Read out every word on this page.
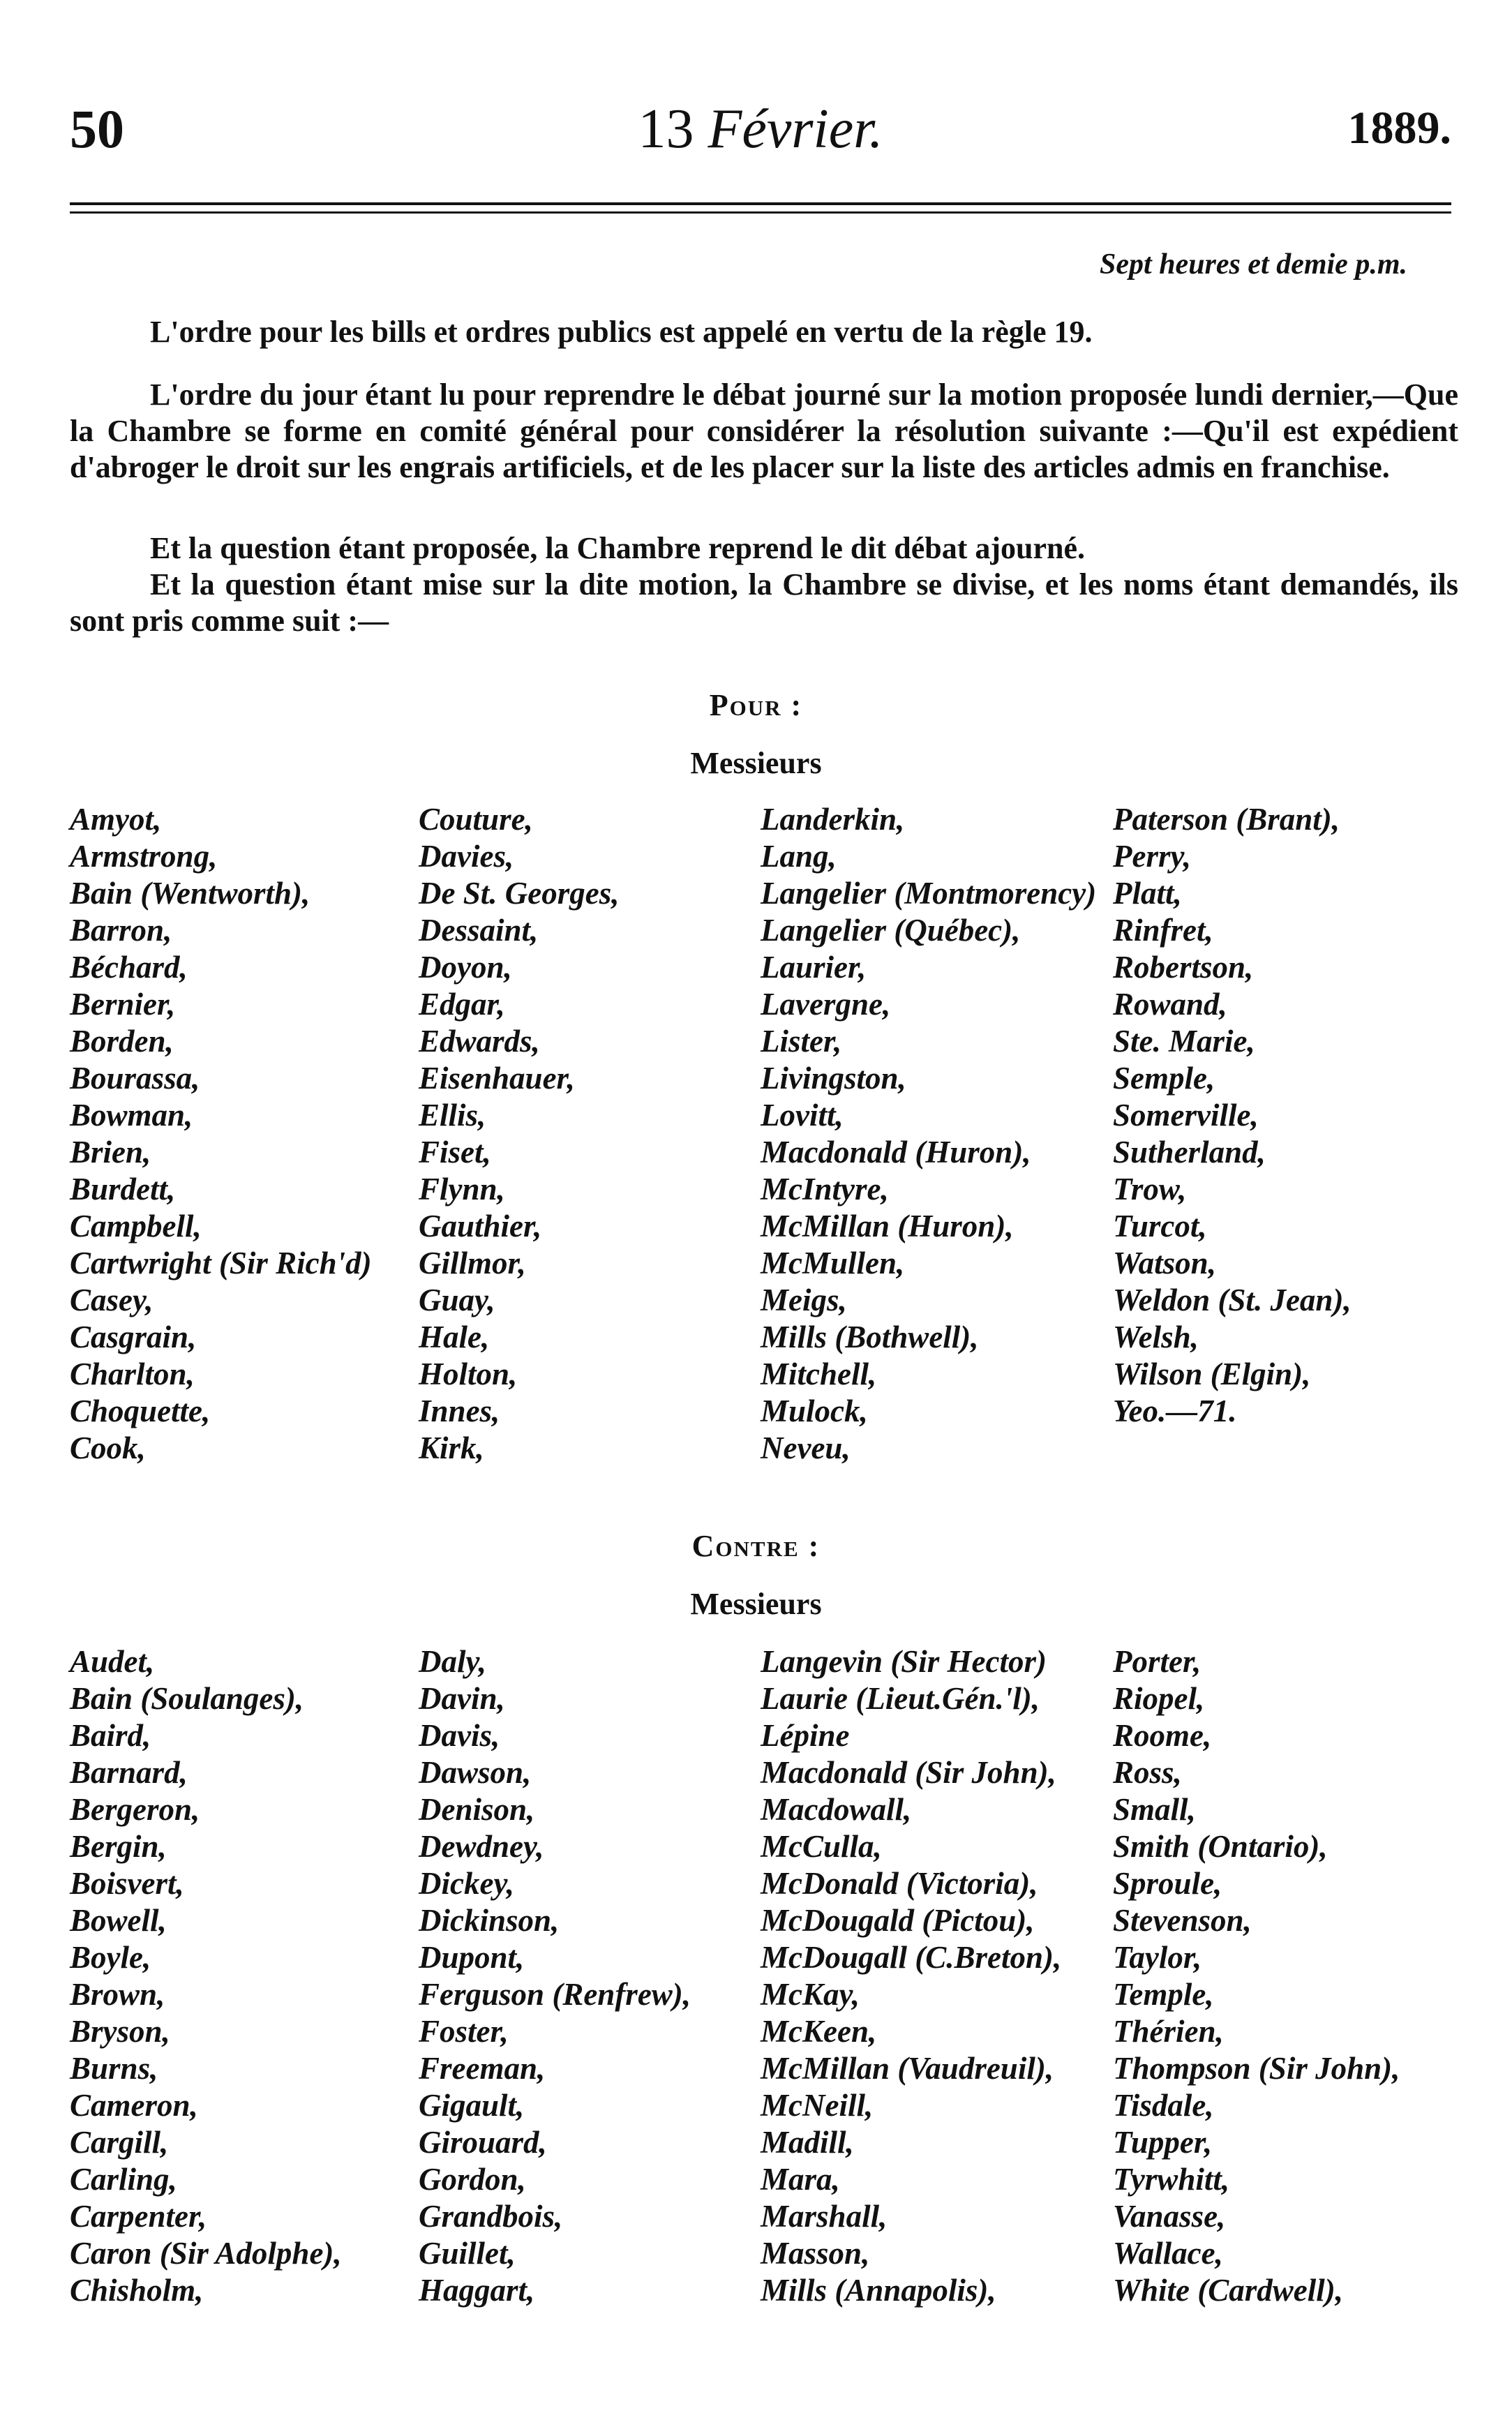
50	13 Février.	1889.
Sept heures et demie p.m.
L'ordre pour les bills et ordres publics est appelé en vertu de la règle 19.
L'ordre du jour étant lu pour reprendre le débat journé sur la motion proposée lundi dernier,—Que la Chambre se forme en comité général pour considérer la résolution suivante :—Qu'il est expédient d'abroger le droit sur les engrais artificiels, et de les placer sur la liste des articles admis en franchise.
Et la question étant proposée, la Chambre reprend le dit débat ajourné.
Et la question étant mise sur la dite motion, la Chambre se divise, et les noms étant demandés, ils sont pris comme suit :—
Pour :
Messieurs
Amyot,
Armstrong,
Bain (Wentworth),
Barron,
Béchard,
Bernier,
Borden,
Bourassa,
Bowman,
Brien,
Burdett,
Campbell,
Cartwright (Sir Rich'd)
Casey,
Casgrain,
Charlton,
Choquette,
Cook,
Couture,
Davies,
De St. Georges,
Dessaint,
Doyon,
Edgar,
Edwards,
Eisenhauer,
Ellis,
Fiset,
Flynn,
Gauthier,
Gillmor,
Guay,
Hale,
Holton,
Innes,
Kirk,
Landerkin,
Lang,
Langelier (Montmorency)
Langelier (Québec),
Laurier,
Lavergne,
Lister,
Livingston,
Lovitt,
Macdonald (Huron),
McIntyre,
McMillan (Huron),
McMullen,
Meigs,
Mills (Bothwell),
Mitchell,
Mulock,
Neveu,
Paterson (Brant),
Perry,
Platt,
Rinfret,
Robertson,
Rowand,
Ste. Marie,
Semple,
Somerville,
Sutherland,
Trow,
Turcot,
Watson,
Weldon (St. Jean),
Welsh,
Wilson (Elgin),
Yeo.—71.
Contre :
Messieurs
Audet,
Bain (Soulanges),
Baird,
Barnard,
Bergeron,
Bergin,
Boisvert,
Bowell,
Boyle,
Brown,
Bryson,
Burns,
Cameron,
Cargill,
Carling,
Carpenter,
Caron (Sir Adolphe),
Chisholm,
Daly,
Davin,
Davis,
Dawson,
Denison,
Dewdney,
Dickey,
Dickinson,
Dupont,
Ferguson (Renfrew),
Foster,
Freeman,
Gigault,
Girouard,
Gordon,
Grandbois,
Guillet,
Haggart,
Langevin (Sir Hector)
Laurie (Lieut.Gén.'l),
Lépine
Macdonald (Sir John),
Macdowall,
McCulla,
McDonald (Victoria),
McDougald (Pictou),
McDougall (C.Breton),
McKay,
McKeen,
McMillan (Vaudreuil),
McNeill,
Madill,
Mara,
Marshall,
Masson,
Mills (Annapolis),
Porter,
Riopel,
Roome,
Ross,
Small,
Smith (Ontario),
Sproule,
Stevenson,
Taylor,
Temple,
Thérien,
Thompson (Sir John),
Tisdale,
Tupper,
Tyrwhitt,
Vanasse,
Wallace,
White (Cardwell),
